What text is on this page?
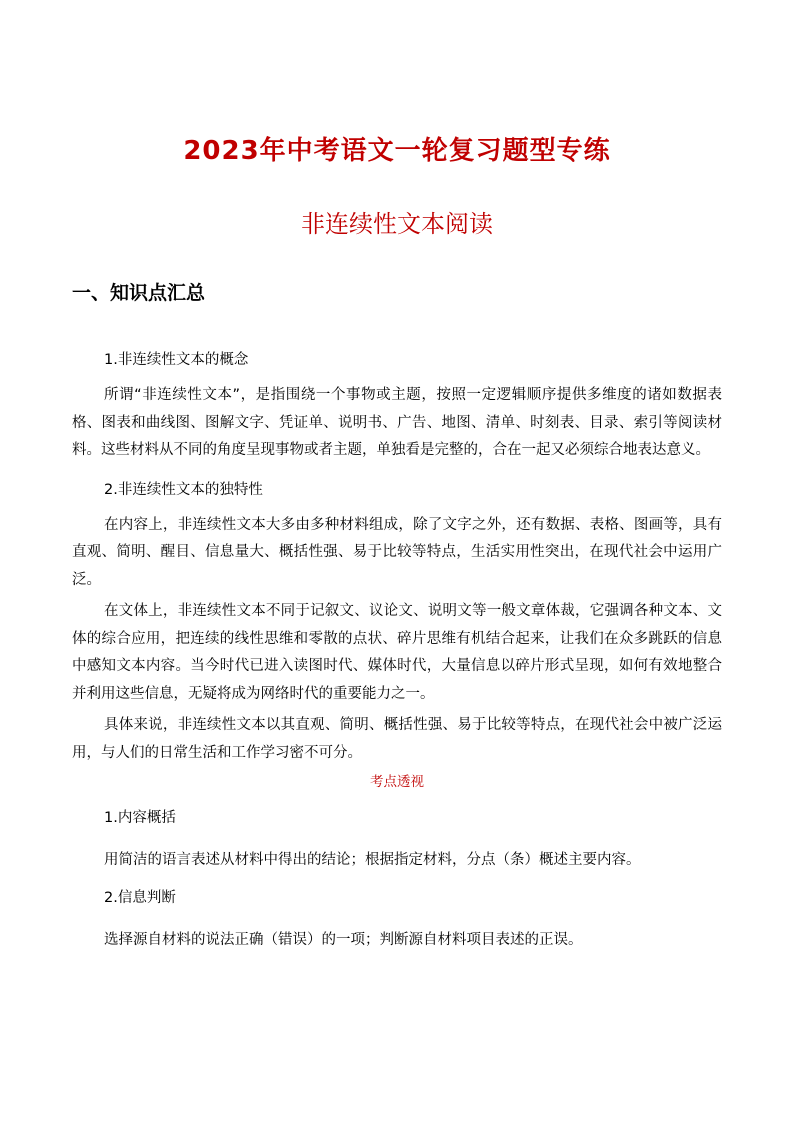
2023年中考语文一轮复习题型专练
非连续性文本阅读
一、知识点汇总

1.非连续性文本的概念

所谓“非连续性文本”，是指围绕一个事物或主题，按照一定逻辑顺序提供多维度的诸如数据表格、图表和曲线图、图解文字、凭证单、说明书、广告、地图、清单、时刻表、目录、索引等阅读材料。这些材料从不同的角度呈现事物或者主题，单独看是完整的，合在一起又必须综合地表达意义。

2.非连续性文本的独特性

在内容上，非连续性文本大多由多种材料组成，除了文字之外，还有数据、表格、图画等，具有直观、简明、醒目、信息量大、概括性强、易于比较等特点，生活实用性突出，在现代社会中运用广泛。

在文体上，非连续性文本不同于记叙文、议论文、说明文等一般文章体裁，它强调各种文本、文体的综合应用，把连续的线性思维和零散的点状、碎片思维有机结合起来，让我们在众多跳跃的信息中感知文本内容。当今时代已进入读图时代、媒体时代，大量信息以碎片形式呈现，如何有效地整合并利用这些信息，无疑将成为网络时代的重要能力之一。

具体来说，非连续性文本以其直观、简明、概括性强、易于比较等特点，在现代社会中被广泛运用，与人们的日常生活和工作学习密不可分。

考点透视

1.内容概括

用简洁的语言表述从材料中得出的结论；根据指定材料，分点（条）概述主要内容。

2.信息判断

选择源自材料的说法正确（错误）的一项；判断源自材料项目表述的正误。
